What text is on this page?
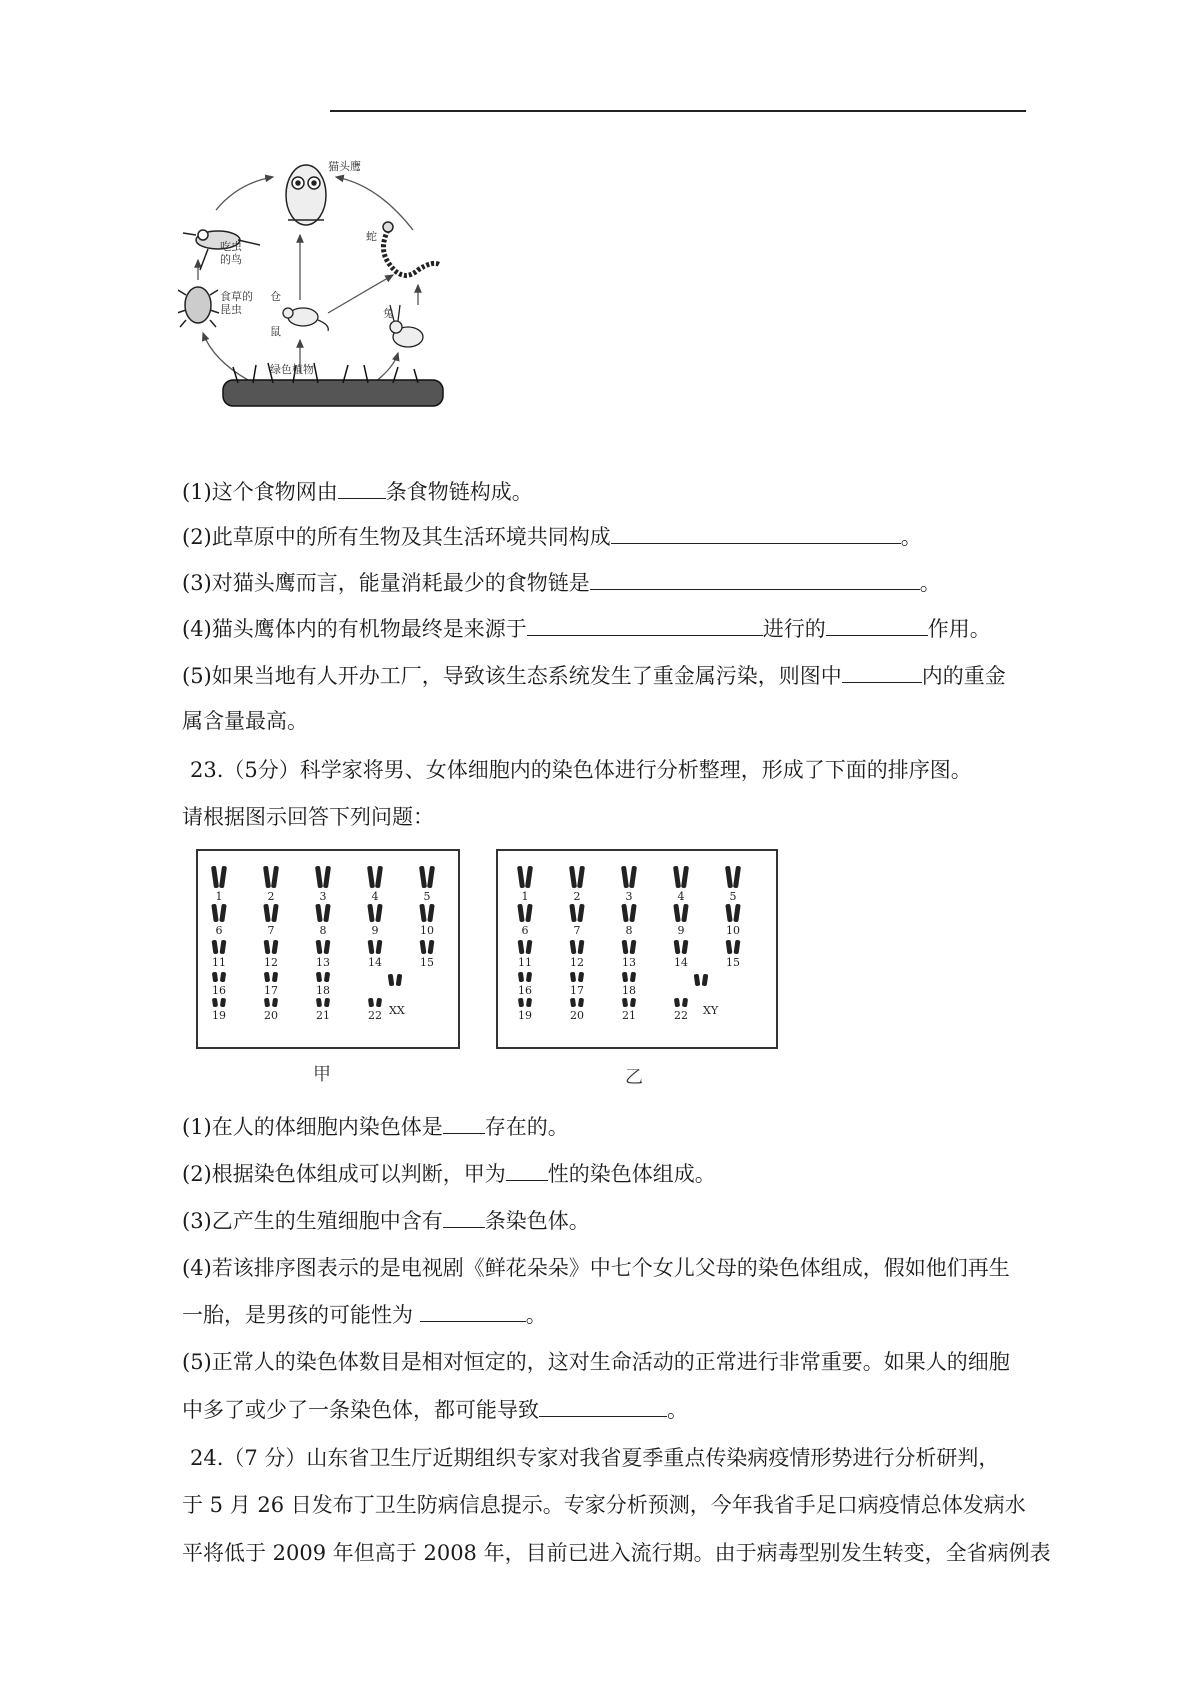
猫头鹰
吃虫
的鸟
蛇
食草的
昆虫
仓
鼠
兔
绿色植物
(1)这个食物网由 条食物链构成。
(2)此草原中的所有生物及其生活环境共同构成	。
(3)对猫头鹰而言，能量消耗最少的食物链是	。
(4)猫头鹰体内的有机物最终是来源于	进行的	作用。
(5)如果当地有人开办工厂，导致该生态系统发生了重金属污染，则图中	内的重金
属含量最高。
23.（5分）科学家将男、女体细胞内的染色体进行分析整理，形成了下面的排序图。
请根据图示回答下列问题：
1	2	3	4	5
6	7	8	9	10
11	12	13	14	15
16	17	18
19	20	21	22
1	2	3	4	5
6	7	8	9	10
11	12	13	14	15
16	17	18
19	20	21	22
甲	乙
XX	XY
(1)在人的体细胞内染色体是 存在的。
(2)根据染色体组成可以判断，甲为 性的染色体组成。
(3)乙产生的生殖细胞中含有 条染色体。
(4)若该排序图表示的是电视剧《鲜花朵朵》中七个女儿父母的染色体组成，假如他们再生
一胎，是男孩的可能性为	。
(5)正常人的染色体数目是相对恒定的，这对生命活动的正常进行非常重要。如果人的细胞
中多了或少了一条染色体，都可能导致	。
24.（7 分）山东省卫生厅近期组织专家对我省夏季重点传染病疫情形势进行分析研判，
于 5 月 26 日发布丁卫生防病信息提示。专家分析预测，今年我省手足口病疫情总体发病水
平将低于 2009 年但高于 2008 年，目前已进入流行期。由于病毒型别发生转变，全省病例表
